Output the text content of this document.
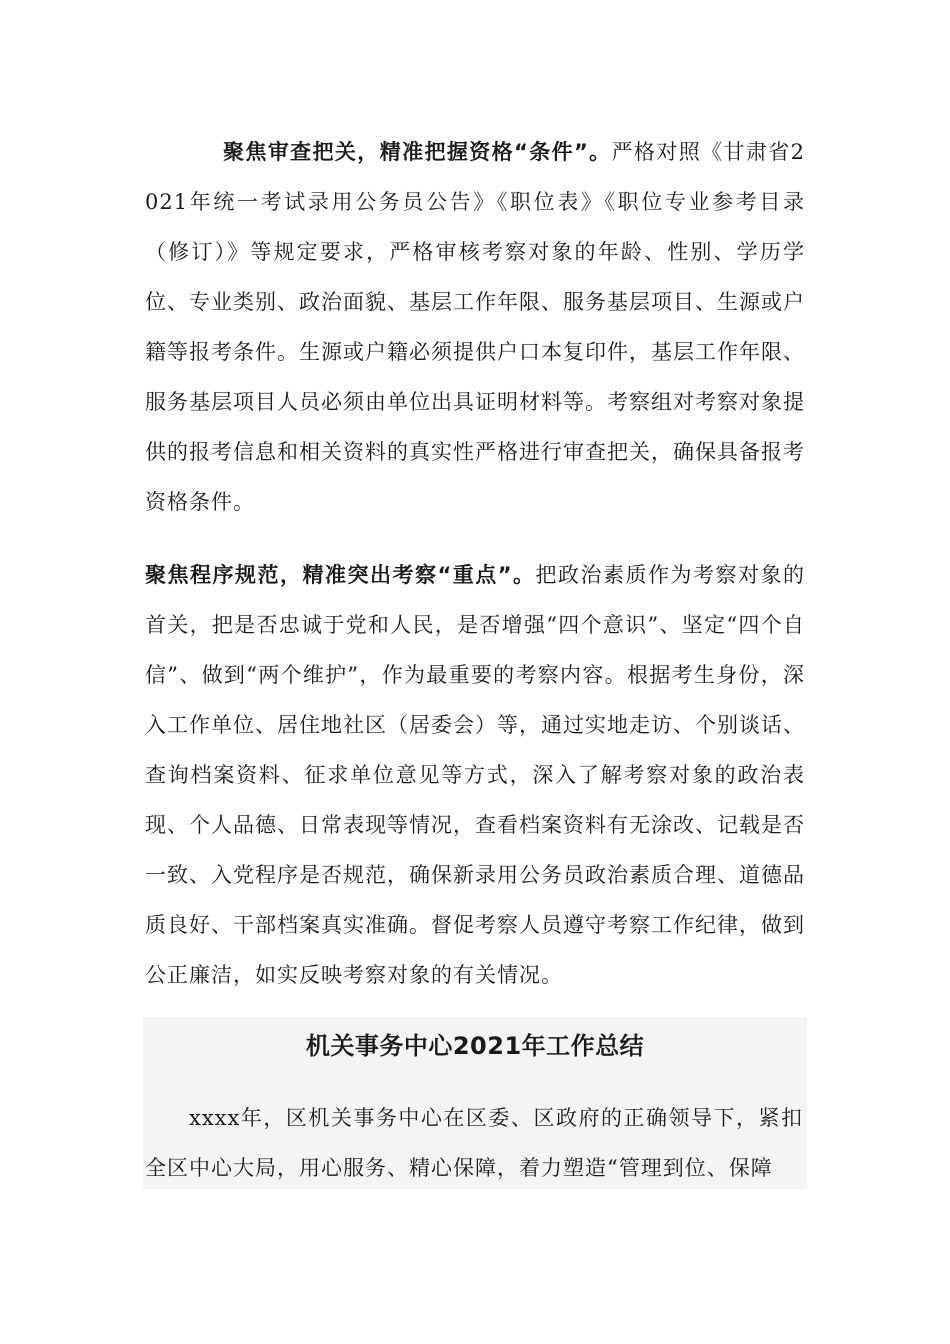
聚焦审查把关，精准把握资格“条件”。严格对照《甘肃省2021年统一考试录用公务员公告》《职位表》《职位专业参考目录（修订）》等规定要求，严格审核考察对象的年龄、性别、学历学位、专业类别、政治面貌、基层工作年限、服务基层项目、生源或户籍等报考条件。生源或户籍必须提供户口本复印件，基层工作年限、服务基层项目人员必须由单位出具证明材料等。考察组对考察对象提供的报考信息和相关资料的真实性严格进行审查把关，确保具备报考资格条件。

聚焦程序规范，精准突出考察“重点”。把政治素质作为考察对象的首关，把是否忠诚于党和人民，是否增强“四个意识”、坚定“四个自信”、做到“两个维护”，作为最重要的考察内容。根据考生身份，深入工作单位、居住地社区（居委会）等，通过实地走访、个别谈话、查询档案资料、征求单位意见等方式，深入了解考察对象的政治表现、个人品德、日常表现等情况，查看档案资料有无涂改、记载是否一致、入党程序是否规范，确保新录用公务员政治素质合理、道德品质良好、干部档案真实准确。督促考察人员遵守考察工作纪律，做到公正廉洁，如实反映考察对象的有关情况。

机关事务中心2021年工作总结

xxxx年，区机关事务中心在区委、区政府的正确领导下，紧扣全区中心大局，用心服务、精心保障，着力塑造“管理到位、保障
